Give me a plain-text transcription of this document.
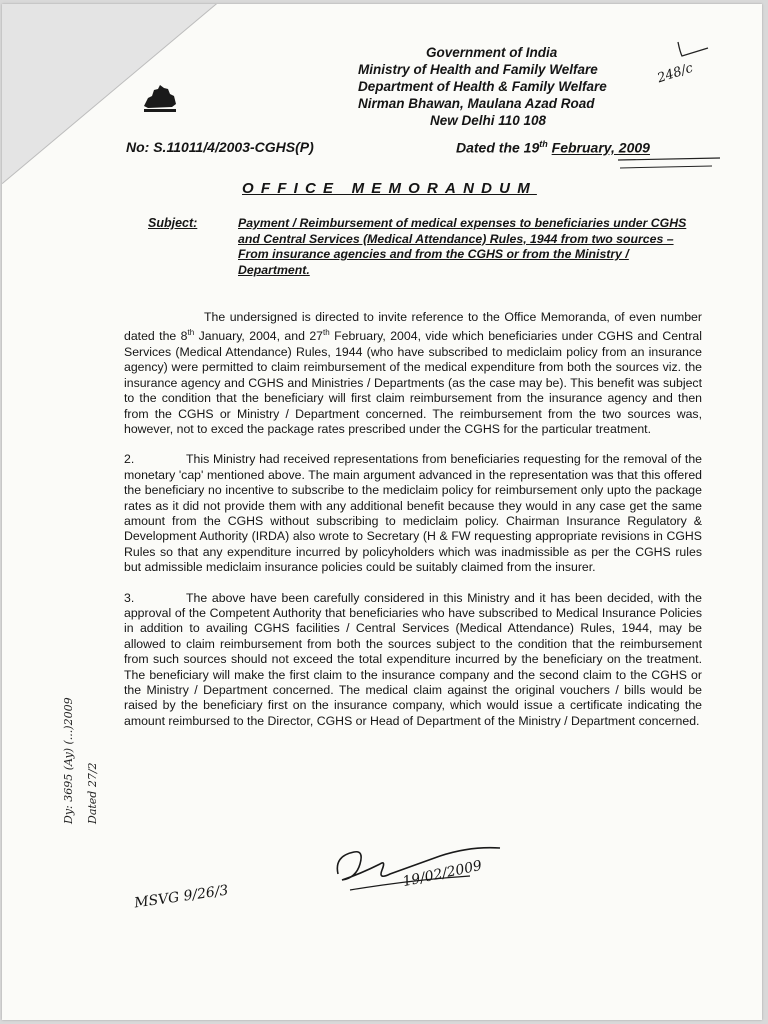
Government of India
Ministry of Health and Family Welfare
Department of Health & Family Welfare
Nirman Bhawan, Maulana Azad Road
New Delhi 110 108
248/c
No: S.11011/4/2003-CGHS(P)	Dated the 19th February, 2009
OFFICE MEMORANDUM
Subject:	Payment / Reimbursement of medical expenses to beneficiaries under CGHS and Central Services (Medical Attendance) Rules, 1944 from two sources – From insurance agencies and from the CGHS or from the Ministry / Department.

The undersigned is directed to invite reference to the Office Memoranda, of even number dated the 8th January, 2004, and 27th February, 2004, vide which beneficiaries under CGHS and Central Services (Medical Attendance) Rules, 1944 (who have subscribed to mediclaim policy from an insurance agency) were permitted to claim reimbursement of the medical expenditure from both the sources viz. the insurance agency and CGHS and Ministries / Departments (as the case may be). This benefit was subject to the condition that the beneficiary will first claim reimbursement from the insurance agency and then from the CGHS or Ministry / Department concerned. The reimbursement from the two sources was, however, not to exced the package rates prescribed under the CGHS for the particular treatment.

2.	This Ministry had received representations from beneficiaries requesting for the removal of the monetary 'cap' mentioned above. The main argument advanced in the representation was that this offered the beneficiary no incentive to subscribe to the mediclaim policy for reimbursement only upto the package rates as it did not provide them with any additional benefit because they would in any case get the same amount from the CGHS without subscribing to mediclaim policy. Chairman Insurance Regulatory & Development Authority (IRDA) also wrote to Secretary (H & FW requesting appropriate revisions in CGHS Rules so that any expenditure incurred by policyholders which was inadmissible as per the CGHS rules but admissible mediclaim insurance policies could be suitably claimed from the insurer.

3.	The above have been carefully considered in this Ministry and it has been decided, with the approval of the Competent Authority that beneficiaries who have subscribed to Medical Insurance Policies in addition to availing CGHS facilities / Central Services (Medical Attendance) Rules, 1944, may be allowed to claim reimbursement from both the sources subject to the condition that the reimbursement from such sources should not exceed the total expenditure incurred by the beneficiary on the treatment. The beneficiary will make the first claim to the insurance company and the second claim to the CGHS or the Ministry / Department concerned. The medical claim against the original vouchers / bills would be raised by the beneficiary first on the insurance company, which would issue a certificate indicating the amount reimbursed to the Director, CGHS or Head of Department of the Ministry / Department concerned.

Dy: 3695 (Ay) (...)2009 Dated 27/2
19/02/2009
MSVG 9/26/3
